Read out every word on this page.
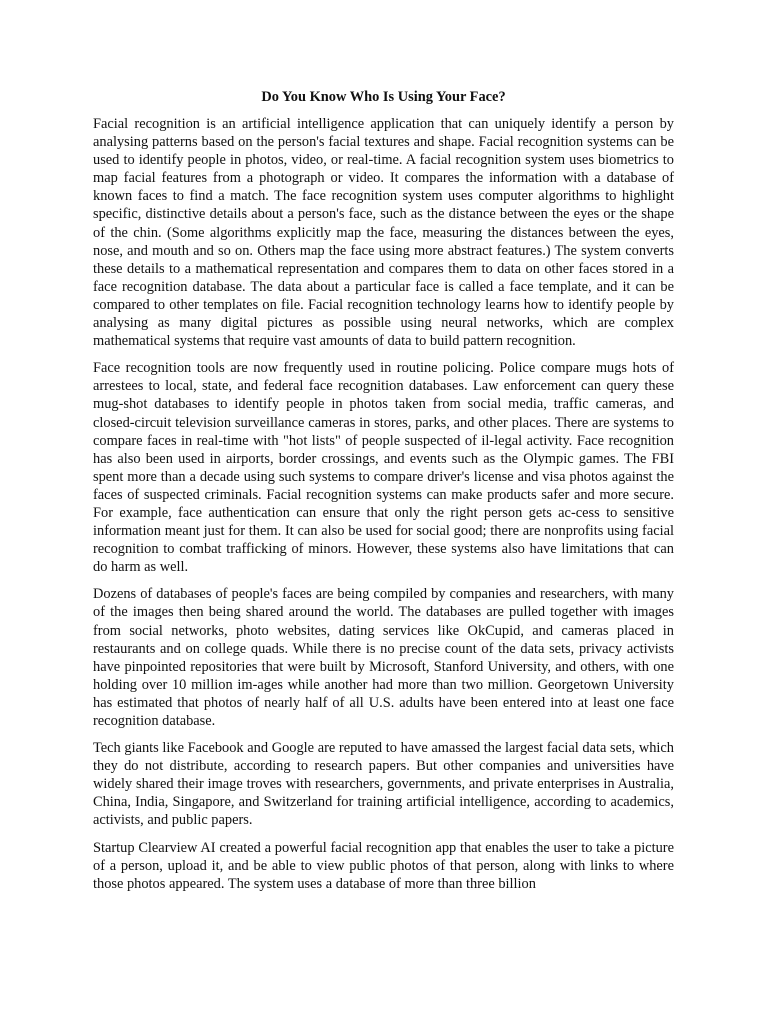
Do You Know Who Is Using Your Face?

Facial recognition is an artificial intelligence application that can uniquely identify a person by analysing patterns based on the person's facial textures and shape. Facial recognition systems can be used to identify people in photos, video, or real-time. A facial recognition system uses biometrics to map facial features from a photograph or video. It compares the information with a database of known faces to find a match. The face recognition system uses computer algorithms to highlight specific, distinctive details about a person's face, such as the distance between the eyes or the shape of the chin. (Some algorithms explicitly map the face, measuring the distances between the eyes, nose, and mouth and so on. Others map the face using more abstract features.) The system converts these details to a mathematical representation and compares them to data on other faces stored in a face recognition database. The data about a particular face is called a face template, and it can be compared to other templates on file. Facial recognition technology learns how to identify people by analysing as many digital pictures as possible using neural networks, which are complex mathematical systems that require vast amounts of data to build pattern recognition.

Face recognition tools are now frequently used in routine policing. Police compare mugs hots of arrestees to local, state, and federal face recognition databases. Law enforcement can query these mug-shot databases to identify people in photos taken from social media, traffic cameras, and closed-circuit television surveillance cameras in stores, parks, and other places. There are systems to compare faces in real-time with "hot lists" of people suspected of il-legal activity. Face recognition has also been used in airports, border crossings, and events such as the Olympic games. The FBI spent more than a decade using such systems to compare driver's license and visa photos against the faces of suspected criminals. Facial recognition systems can make products safer and more secure. For example, face authentication can ensure that only the right person gets ac-cess to sensitive information meant just for them. It can also be used for social good; there are nonprofits using facial recognition to combat trafficking of minors. However, these systems also have limitations that can do harm as well.

Dozens of databases of people's faces are being compiled by companies and researchers, with many of the images then being shared around the world. The databases are pulled together with images from social networks, photo websites, dating services like OkCupid, and cameras placed in restaurants and on college quads. While there is no precise count of the data sets, privacy activists have pinpointed repositories that were built by Microsoft, Stanford University, and others, with one holding over 10 million im-ages while another had more than two million. Georgetown University has estimated that photos of nearly half of all U.S. adults have been entered into at least one face recognition database.

Tech giants like Facebook and Google are reputed to have amassed the largest facial data sets, which they do not distribute, according to research papers. But other companies and universities have widely shared their image troves with researchers, governments, and private enterprises in Australia, China, India, Singapore, and Switzerland for training artificial intelligence, according to academics, activists, and public papers.

Startup Clearview AI created a powerful facial recognition app that enables the user to take a picture of a person, upload it, and be able to view public photos of that person, along with links to where those photos appeared. The system uses a database of more than three billion
